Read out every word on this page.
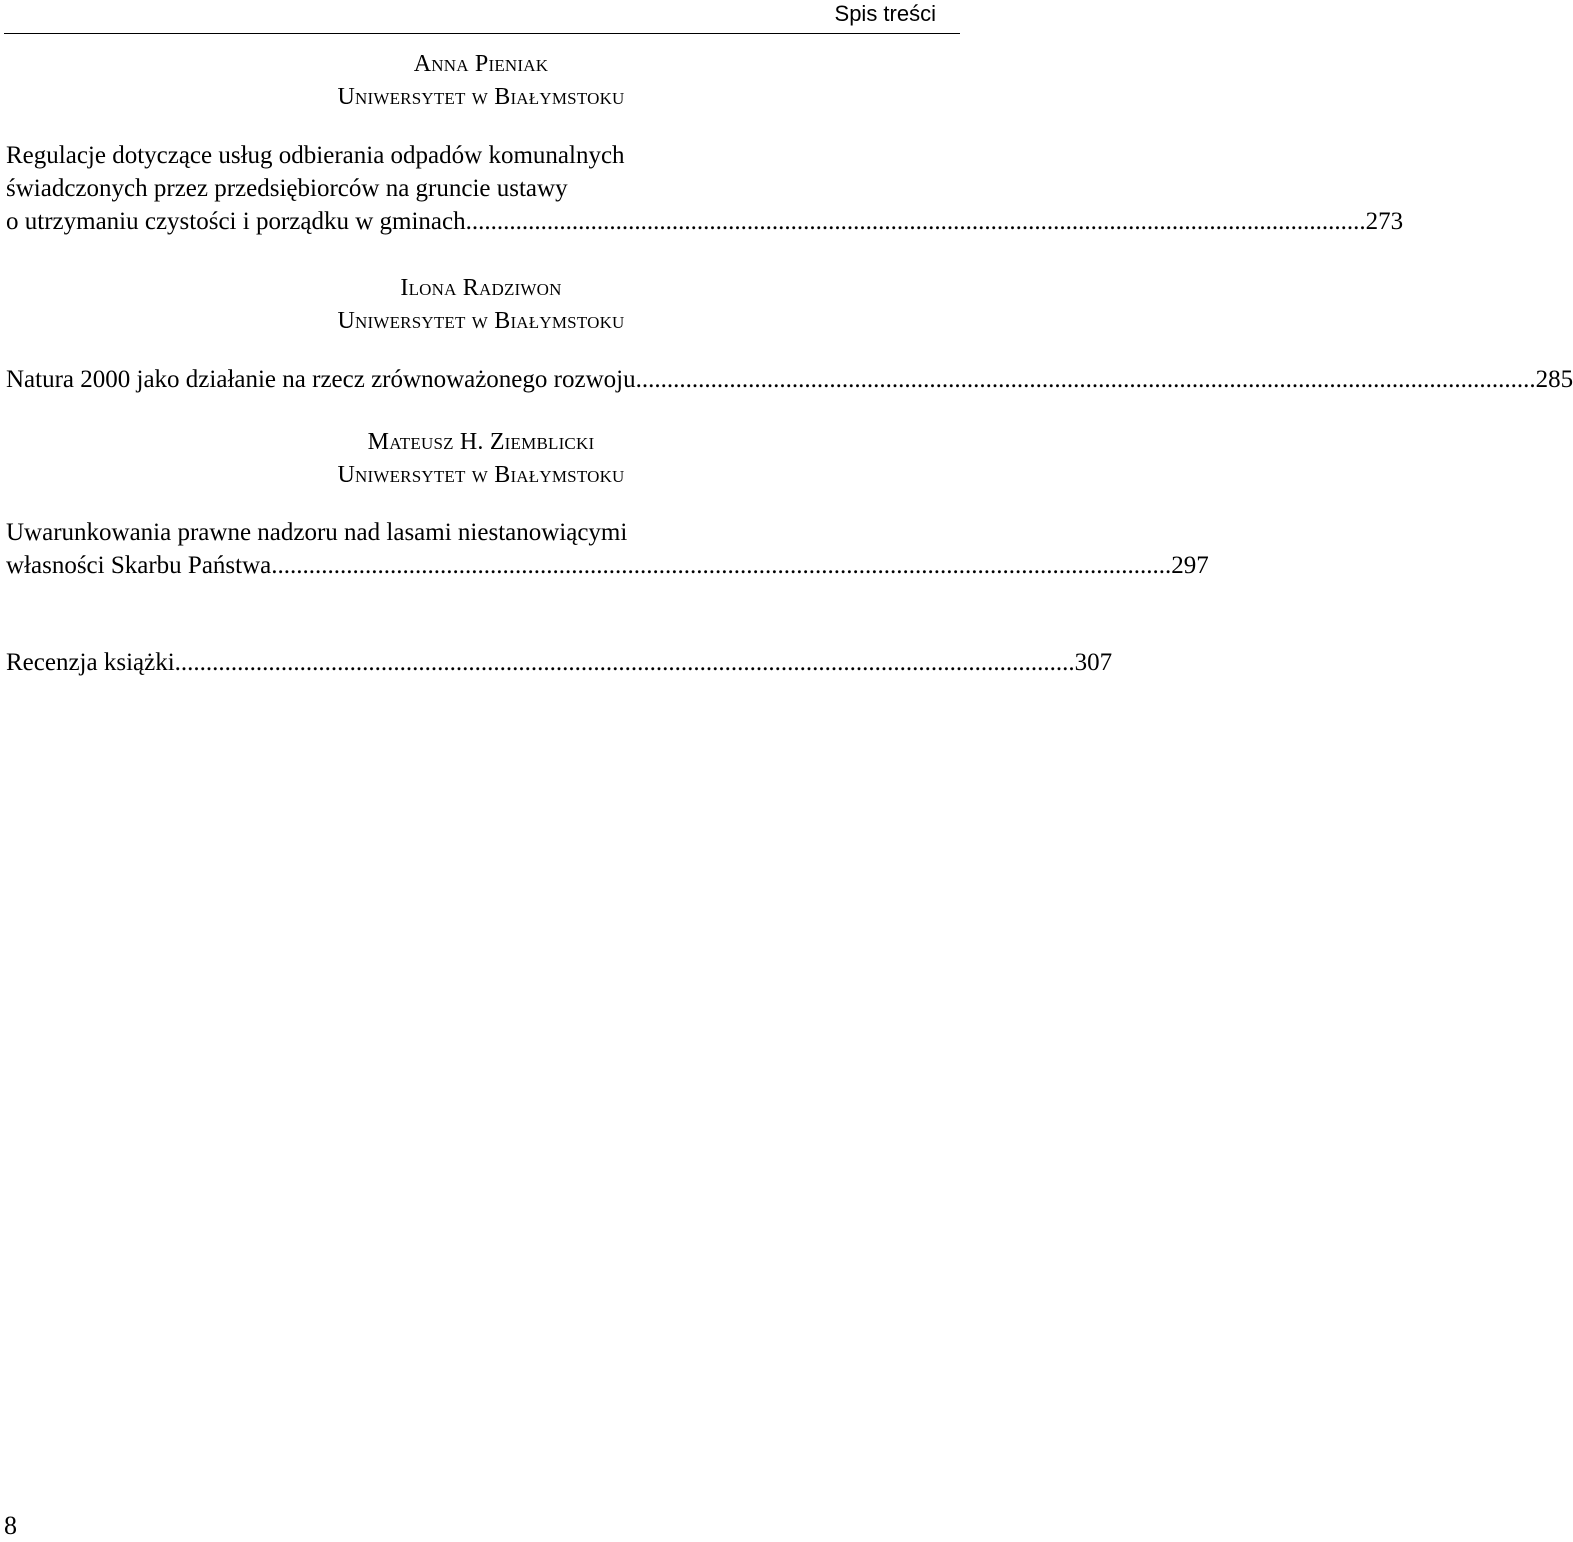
Spis treści
Anna Pieniak
Uniwersytet w Białymstoku
Regulacje dotyczące usług odbierania odpadów komunalnych
świadczonych przez przedsiębiorców na gruncie ustawy
o utrzymaniu czystości i porządku w gminach ................................................................................................................................................ 273
Ilona Radziwon
Uniwersytet w Białymstoku
Natura 2000 jako działanie na rzecz zrównoważonego rozwoju ................................................................................................................................................ 285
Mateusz H. Ziemblicki
Uniwersytet w Białymstoku
Uwarunkowania prawne nadzoru nad lasami niestanowiącymi
własności Skarbu Państwa ................................................................................................................................................ 297
Recenzja książki ................................................................................................................................................ 307
8
